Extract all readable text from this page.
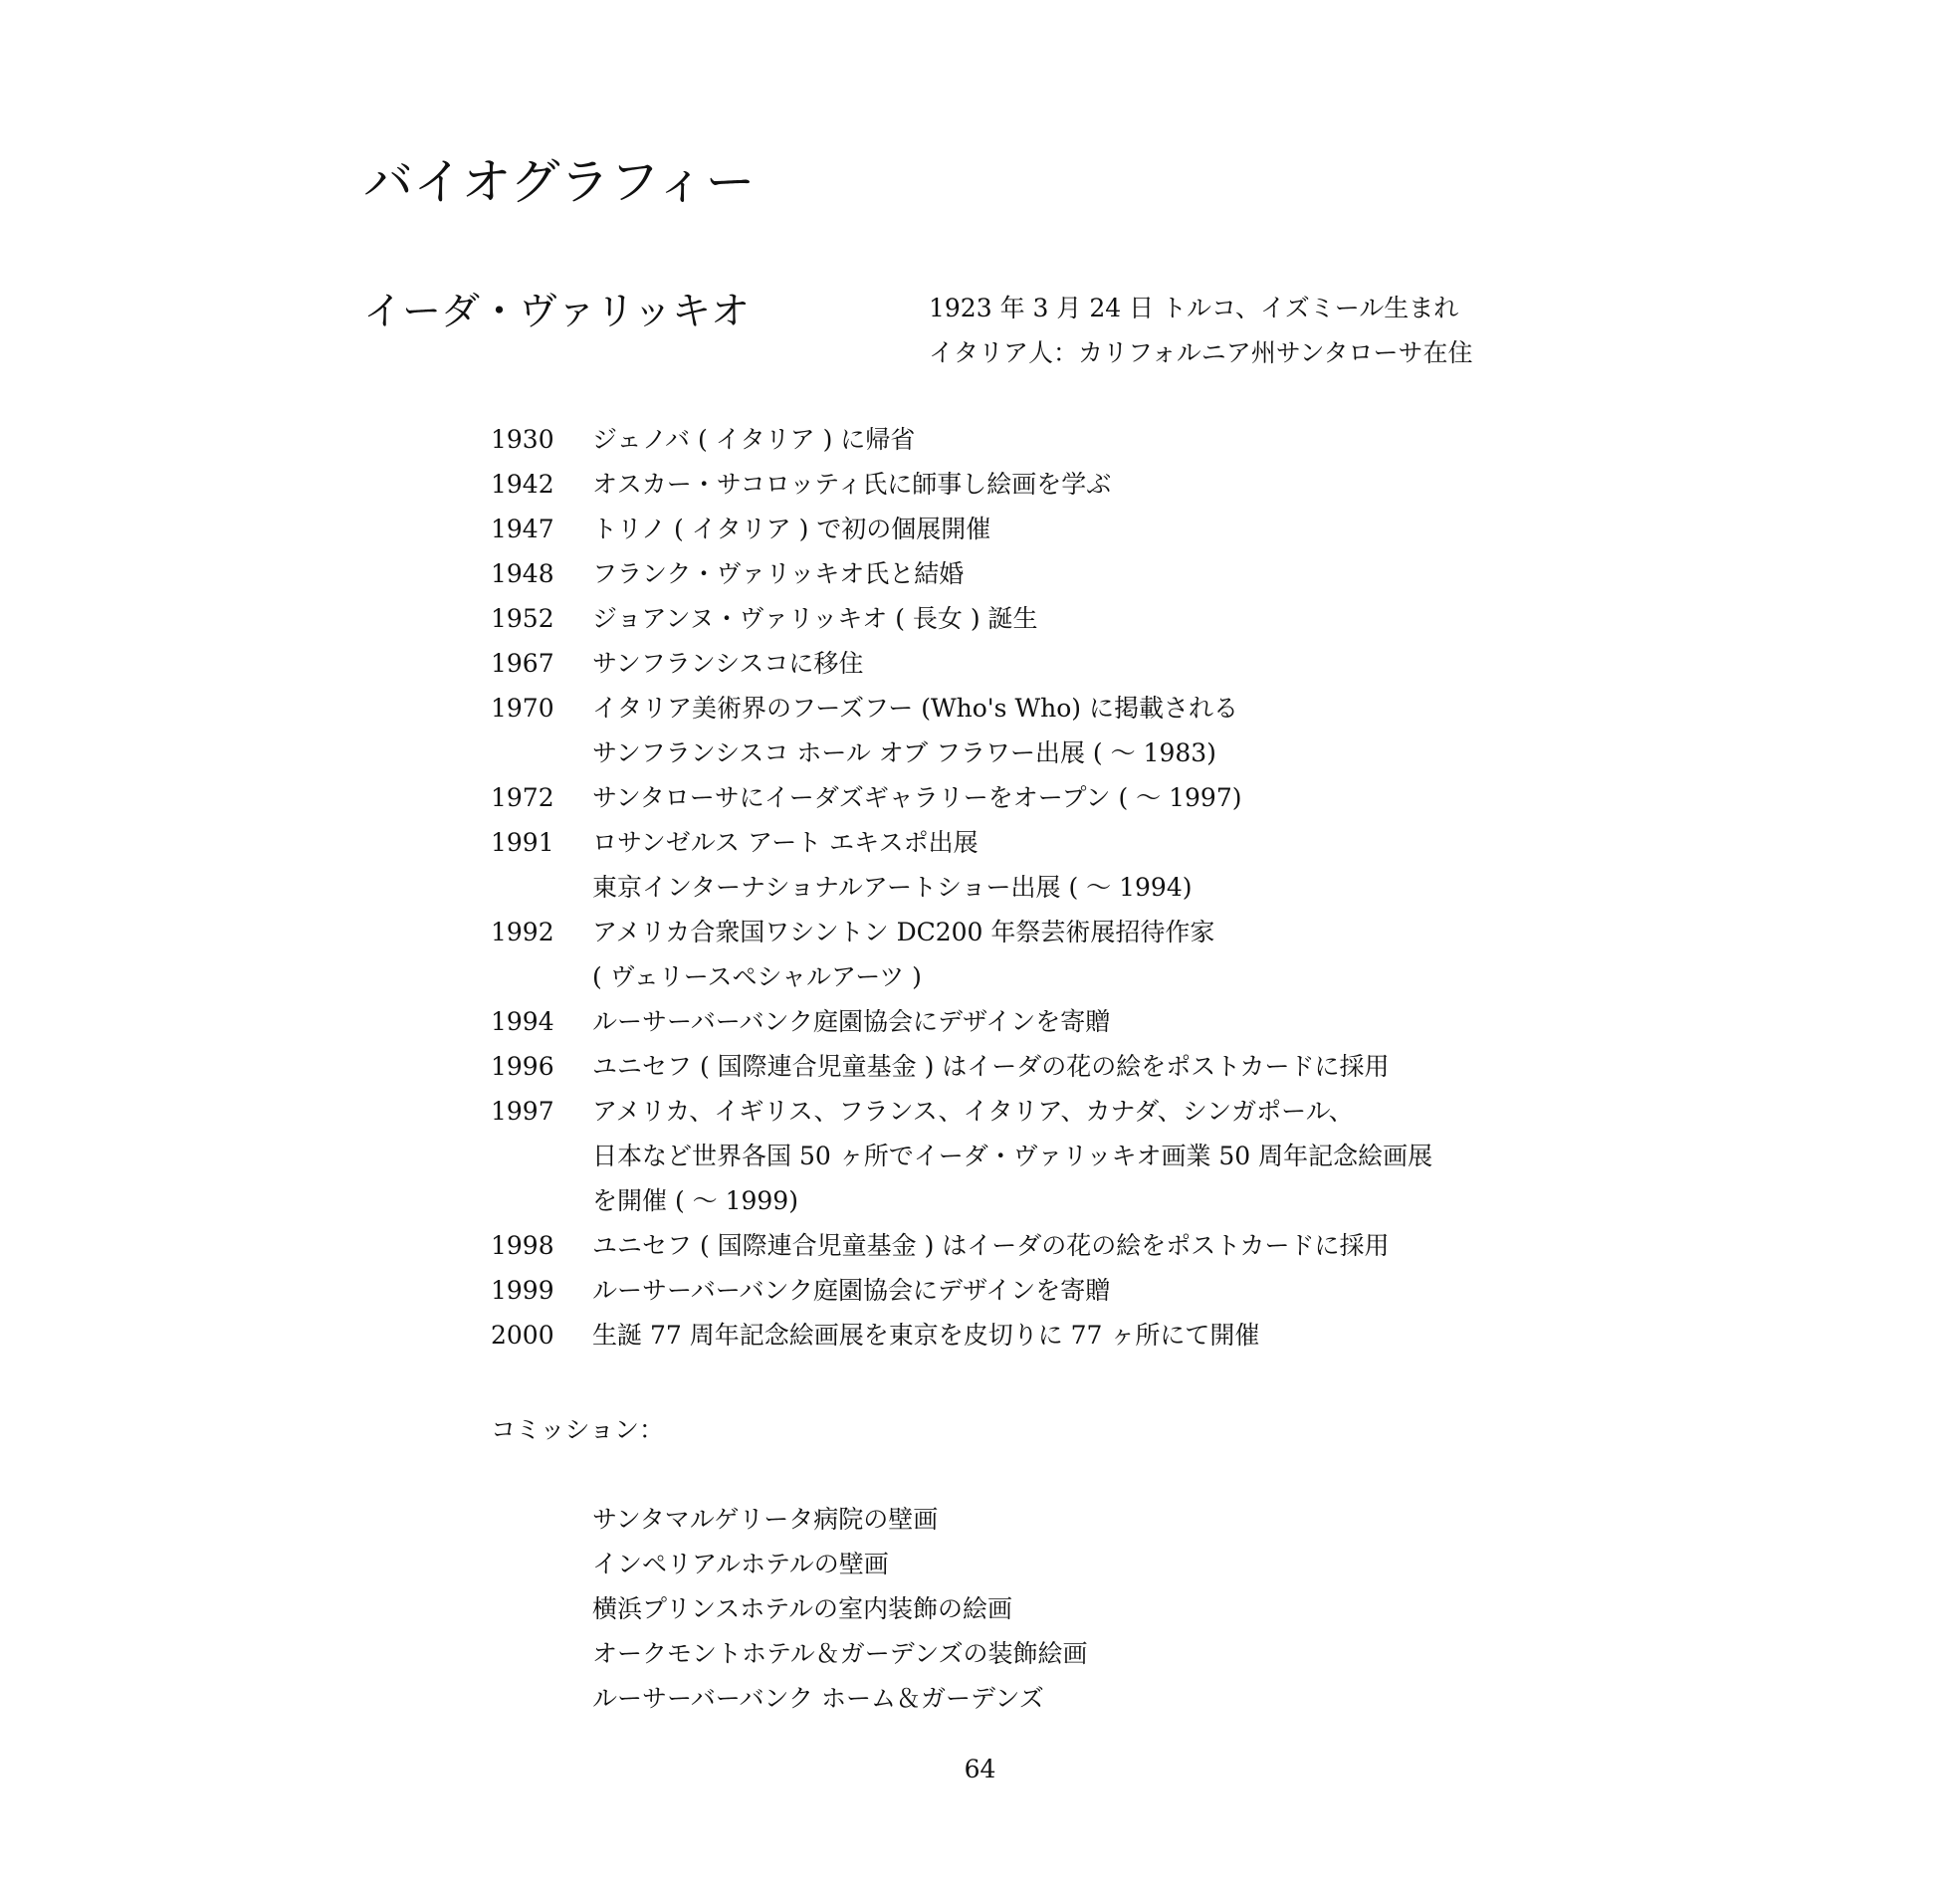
バイオグラフィー
イーダ・ヴァリッキオ	1923 年 3 月 24 日 トルコ、イズミール生まれ
イタリア人：カリフォルニア州サンタローサ在住
1930	ジェノバ ( イタリア ) に帰省
1942	オスカー・サコロッティ氏に師事し絵画を学ぶ
1947	トリノ ( イタリア ) で初の個展開催
1948	フランク・ヴァリッキオ氏と結婚
1952	ジョアンヌ・ヴァリッキオ ( 長女 ) 誕生
1967	サンフランシスコに移住
1970	イタリア美術界のフーズフー (Who's Who) に掲載される
サンフランシスコ ホール オブ フラワー出展 ( ～ 1983)
1972	サンタローサにイーダズギャラリーをオープン ( ～ 1997)
1991	ロサンゼルス アート エキスポ出展
東京インターナショナルアートショー出展 ( ～ 1994)
1992	アメリカ合衆国ワシントン DC200 年祭芸術展招待作家
( ヴェリースペシャルアーツ )
1994	ルーサーバーバンク庭園協会にデザインを寄贈
1996	ユニセフ ( 国際連合児童基金 ) はイーダの花の絵をポストカードに採用
1997	アメリカ、イギリス、フランス、イタリア、カナダ、シンガポール、
日本など世界各国 50 ヶ所でイーダ・ヴァリッキオ画業 50 周年記念絵画展
を開催 ( ～ 1999)
1998	ユニセフ ( 国際連合児童基金 ) はイーダの花の絵をポストカードに採用
1999	ルーサーバーバンク庭園協会にデザインを寄贈
2000	生誕 77 周年記念絵画展を東京を皮切りに 77 ヶ所にて開催
コミッション：
サンタマルゲリータ病院の壁画
インペリアルホテルの壁画
横浜プリンスホテルの室内装飾の絵画
オークモントホテル＆ガーデンズの装飾絵画
ルーサーバーバンク ホーム＆ガーデンズ
64
